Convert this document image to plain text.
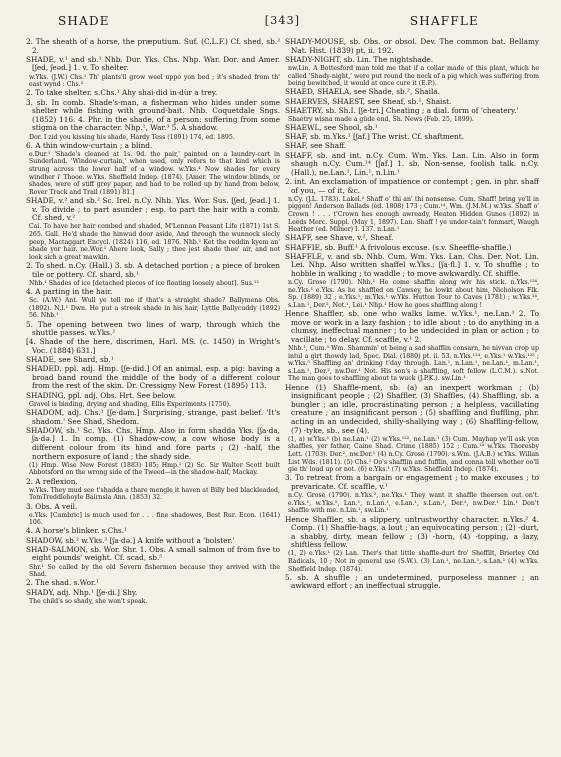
SHADE	[343]	SHAFFLE

2. The sheath of a horse, the præputium. Suf. (C.L.F.) Cf. shed, sb.² 2.

SHADE, v.¹ and sb.¹ Nhb. Dur. Yks. Chs. Nhp. War. Dor. and Amer. [ʃed, ʃeəd.] 1. v. To shelter.

w.Yks. (J.W.) Chs.¹ Th' plants'll grow weel uppo yon bed ; it's shaded from th' east wynd : Chs.³

2. To take shelter. s.Chs.¹ Ahy shai·did in·dùr a trey.

3. sb. In comb. Shade's-man, a fisherman who hides under some shelter while fishing with ground-bait. Nhb. Coquetdale Sngs. (1852) 116. 4. Phr. in the shade, of a person: suffering from some stigma on the character. Nhp.¹, War.³ 5. A shadow.

Dor. I zid you kissing his shade, Hardy Tess (1891) 174, ed. 1895.

6. A thin window-curtain ; a blind.

e.Dur.¹ 'Shade's cleaned at 1s. 9d. the pair,' painted on a laundry-cart in Sunderland. 'Window-curtain,' when used, only refers to that kind which is strung across the lower half of a window. w.Yks.⁴ Now shades for every windher i' Thooe. w.Yks. Sheffield Indep. (1874). [Amer. The window blinds, or shades, were of stiff grey paper, and had to be rolled up by hand from below, Rover Track and Trail (1891) 81.]

SHADE, v.² and sb.² Sc. Irel. n.Cy. Nhb. Yks. Wor. Sus. [ʃed, ʃeəd.] 1. v. To divide ; to part asunder ; esp. to part the hair with a comb. Cf. shed, v.²

Cai. To have her hair combed and shaded, M'Lennan Peasant Life (1871) 1st S. 265. Gall. He'd shade the hinwud door aside, And through the wunnock slecly peep, Mactaggart Encycl. (1824) 116, ed. 1876. Nhb.¹ Ket the reddin kyem an' shade yor hair. ne.Wor.¹ Ahere look, Sally ; thee jest shade thee' air, and not look sich a great mawkin.

2. To shed. n.Cy. (Hall.) 3. sb. A detached portion ; a piece of broken tile or pottery. Cf. shard, sb.¹

Nhb.¹ Shades of ice [detached pieces of ice floating loosely about]. Sus.¹²

4. A parting in the hair.

Sc. (A.W.) Ant. Wull ye tell me if that's a straight shade? Ballymena Obs. (1892). N.I.¹ Dwn. He put a streek shade in his hair, Lyttle Ballycuddy (1892) 56. Nhb.¹

5. The opening between two lines of warp, through which the shuttle passes. w.Yks.²

[4. Shade of the here, discrimen, Harl. MS. (c. 1450) in Wright's Voc. (1884) 631.]

SHADE, see Shard, sb.¹

SHADED, ppl. adj. Hmp. [ʃe·did.] Of an animal, esp. a pig: having a broad band round the middle of the body of a different colour from the rest of the skin. Dr. Cressigny New Forest (1895) 113.

SHADING, ppl. adj. Obs. Hrt. See below.

Gravel is binding, drying and shading, Ellis Experiments (1750).

SHADOM, adj. Chs.¹ [ʃe·dəm.] Surprising, strange, past belief. 'It's shadom.' See Shad, Shedom.

SHADOW, sb.¹ Sc. Yks. Chs. Hmp. Also in form shadda Yks. [ʃa·da, ʃa·də.] 1. In comp. (1) Shadow-cow, a cow whose body is a different colour from its hind and fore parts ; (2) -half, the northern exposure of land ; the shady side.

(1) Hmp. Wise New Forest (1883) 185; Hmp.¹ (2) Sc. Sir Walter Scott built Abbotsford on the wrong side of the Tweed—in the shadow-half, Mackay.

2. A reflexion.

w.Yks. They mud see t'shadda a thare mengle it haven at Billy bed blackleaded, TomTreddlehoyle Bairnsla Ann. (1853) 32.

3. Obs. A veil.

e.Yks. [Cambric] is much used for . . . fine shadowes, Best Rur. Econ. (1641) 106.

4. A horse's blinker. s.Chs.¹

SHADOW, sb.² w.Yks.² [ʃa·də.] A knife without a 'bolster.'

SHAD-SALMON, sb. Wor. Shr. 1. Obs. A small salmon of from five to eight pounds' weight. Cf. scad, sb.⁵

Shr.¹ So called by the old Severn fishermen because they arrived with the Shad.

2. The shad. s.Wor.¹

SHADY, adj. Nhp.¹ [ʃe·di.] Shy.

The child's so shady, she won't speak.

SHADY-MOUSE, sb. Obs. or obsol. Dev. The common bat. Bellamy Nat. Hist. (1839) pt. ii. 192.

SHADY-NIGHT, sb. Lin. The nightshade.

nw.Lin. A Bottesford man told me that if a collar made of this plant, which he called 'Shady-night,' were put round the neck of a pig which was suffering from being bewitched, it would at once cure it (E.P.).

SHAED, SHAELA, see Shade, sb.², Shaila.

SHAERVES, SHAEST, see Sheaf, sb.¹, Shaist.

SHAETRY, sb. Sh.I. [ʃe·tri.] Cheating ; a dial. form of 'cheatery.'

Shaetry wisna made a güde end, Sh. News (Feb. 25, 1899).

SHAEWL, see Shool, sb.¹

SHAF, sb. m.Yks.¹ [ʃaf.] The wrist. Cf. shaftment.

SHAF, see Shaff.

SHAFF, sb. and int. n.Cy. Cum. Wm. Yks. Lan. Lin. Also in form shaugh n.Cy. Cum.¹⁴ [ʃaf.] 1. sb. Non-sense, foolish talk. n.Cy. (Hall.), ne.Lan.¹, Lin.¹, n.Lin.¹

2. int. An exclamation of impatience or contempt ; gen. in phr. shaff of you, — of it, &c.

n.Cy. (J.L. 1783). Lakel.² Shaff o' thi an' thi nonsense. Cum. Shaff! bring ye'll in piggen! Anderson Ballads (ed. 1808) 173 ; Cum.¹⁴, Wm. (J.M.M.) w.Yks. Shaff o' Crown ! . . . t'Crown hes enough awready, Heaton Hidden Gunes (1892) in Leeds Merc. Suppl. (May 1, 1897). Lan. Shaff ! ye under-tain't fonmart, Waugh Heather (ed. Milner) I. 137. n.Lan.¹

SHAFF, see Shave, v.², Sheaf.

SHAFFIE, sb. Buff.¹ A frivolous excuse. (s.v. Sheeffle-shaffle.)

SHAFFLE, v. and sb. Nhb. Cum. Wm. Yks. Lan. Chs. Der. Not. Lin. Lei. Nhp. Also written shaffel w.Yks.; [ʃa·fl.] 1. v. To shuffle ; to hobble in walking ; to waddle ; to move awkwardly. Cf. shiffle.

n.Cy. Grose (1790). Nhb.¹ He come shaffin along wiv his stick. n.Yks.¹²⁴, ne.Yks.¹ e.Yks. As he shaffled on Cawsey, he lowkt about him, Nicholson Flk. Sp. (1889) 32 ; e.Yks.¹, m.Yks.¹ w.Yks. Hutton Tour to Caves (1781) ; w.Yks.¹⁴, s.Lan.¹, Der.², Not.¹, Lei.¹ Nhp.¹ How he goes shaffling along !

Hence Shaffler, sb. one who walks lame. w.Yks.¹, ne.Lan.¹ 2. To move or work in a lazy fashion ; to idle about ; to do anything in a clumsy, ineffectual manner ; to be undecided in plan or action ; to vacillate ; to delay. Cf. scaffle, v.¹ 2.

Nhb.¹, Cum.³ Wm. Shammin' et being a sad shafflin consarn, he nivvan crop up intul a girt thowdy lad, Spec. Dial. (1880) pt. ii. 53. n.Yks.¹²⁴, e.Yks.¹ w.Yks.¹²⁵ ; w.Yks.⁵ Shaffling an' drinking t'day through. Lan.¹, n.Lan.¹, ne.Lan.¹, m.Lan.¹, s.Lan.¹, Der.², nw.Der.¹ Not. His son's a shaffling, soft fellow (L.C.M.). s.Not. The man goes to shaffling about ta wuck (J.P.K.). sw.Lin.¹

Hence (1) Shaffle-ment, sb. (a) an inexpert workman ; (b) insignificant people ; (2) Shaffler, (3) Shaffles, (4) Shaffling, sb. a bungler ; an idle, procrastinating person ; a helpless, vacillating creature ; an insignificant person ; (5) shaffling and fluffling, phr. acting in an undecided, shilly-shallying way ; (6) Shaffling-fellow, (7) -tyke, sb., see (4).

(1, a) w.Yks.¹ (b) ne.Lan.¹ (2) w.Yks.¹²², ne.Lan.¹ (3) Cum. Mayhap ye'll ask yon shaffles, yer father, Caine Shad. Crime (1885) 152 ; Cum.¹⁴ w.Yks. Thoresby Lett. (1703). Der.², nw.Der.¹ (4) n.Cy. Grose (1790). s.Wm. (J.A.B.) w.Yks. Willan List Wds. (1811). (5) Chs.¹ Oo's shafflin and fufflin, and conna tell whether oo'll gie th' loud up or not. (6) e.Yks.¹ (7) w.Yks. Sheffield Indep. (1874).

3. To retreat from a bargain or engagement ; to make excuses ; to prevaricate. Cf. scaffle, v.¹

n.Cy. Grose (1790). n.Yks.², ne.Yks.¹ They want it shaffle theersen out on't. e.Yks.¹, w.Yks.⁵, Lan.¹, n.Lan.¹, e.Lan.¹, s.Lan.¹, Der.², nw.Der.¹ Lin.¹ Don't shaffle with me. n.Lin.¹, sw.Lin.¹

Hence Shaffler, sb. a slippery, untrustworthy character. n.Yks.² 4. Comp. (1) Shaffle-bags, a lout ; an equivocating person ; (2) -durt, a shabby, dirty, mean fellow ; (3) -horn, (4) -topping, a lazy, shiftless fellow.

(1, 2) e.Yks.¹ (2) Lan. Ther's that little shaffle-durt fro' Sheffilt, Brierley Old Radicals, 10 ; Not in general use (S.W.). (3) Lan.¹, ne.Lan.¹, s.Lan.¹ (4) w.Yks. Sheffield Indep. (1874).

5. sb. A shuffle ; an undetermined, purposeless manner ; an awkward effort ; an ineffectual struggle.
